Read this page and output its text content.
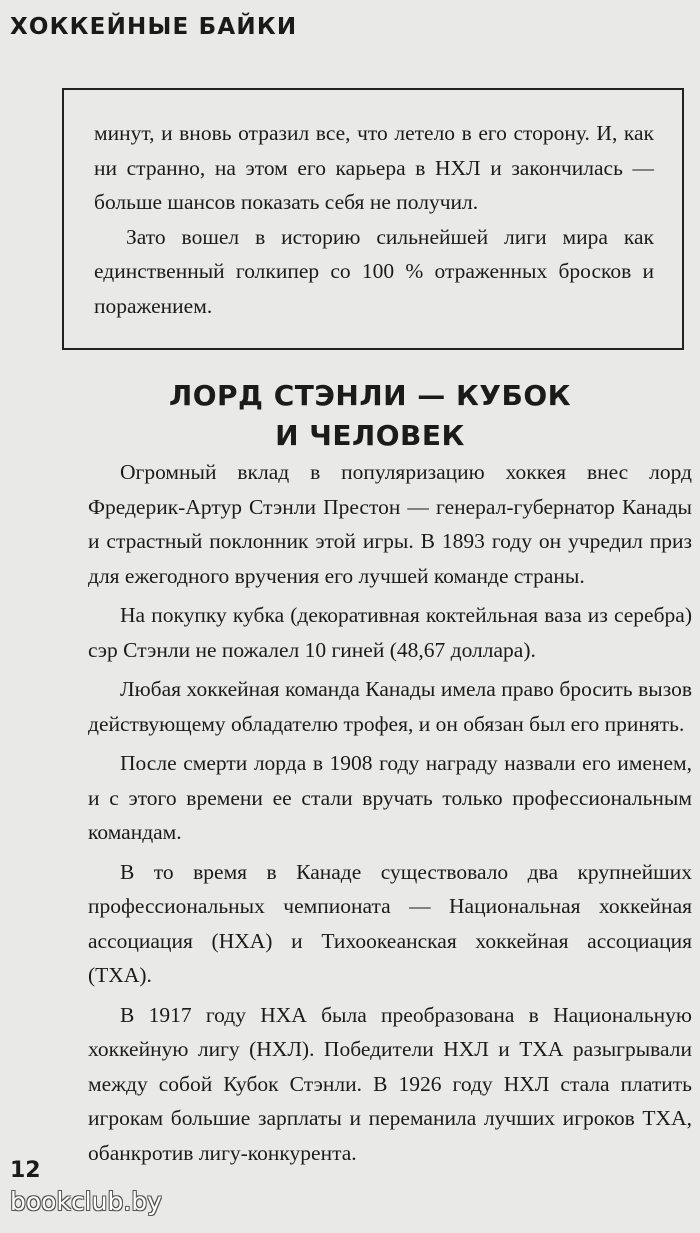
ХОККЕЙНЫЕ БАЙКИ

минут, и вновь отразил все, что летело в его сторону. И, как ни странно, на этом его карьера в НХЛ и закончилась — больше шансов показать себя не получил.

Зато вошел в историю сильнейшей лиги мира как единственный голкипер со 100 % отраженных бросков и поражением.

ЛОРД СТЭНЛИ — КУБОК
И ЧЕЛОВЕК

Огромный вклад в популяризацию хоккея внес лорд Фредерик-Артур Стэнли Престон — генерал-губернатор Канады и страстный поклонник этой игры. В 1893 году он учредил приз для ежегодного вручения его лучшей команде страны.

На покупку кубка (декоративная коктейльная ваза из серебра) сэр Стэнли не пожалел 10 гиней (48,67 доллара).

Любая хоккейная команда Канады имела право бросить вызов действующему обладателю трофея, и он обязан был его принять.

После смерти лорда в 1908 году награду назвали его именем, и с этого времени ее стали вручать только профессиональным командам.

В то время в Канаде существовало два крупнейших профессиональных чемпионата — Национальная хоккейная ассоциация (НХА) и Тихоокеанская хоккейная ассоциация (ТХА).

В 1917 году НХА была преобразована в Национальную хоккейную лигу (НХЛ). Победители НХЛ и ТХА разыгрывали между собой Кубок Стэнли. В 1926 году НХЛ стала платить игрокам большие зарплаты и переманила лучших игроков ТХА, обанкротив лигу-конкурента.

12
bookclub.by
